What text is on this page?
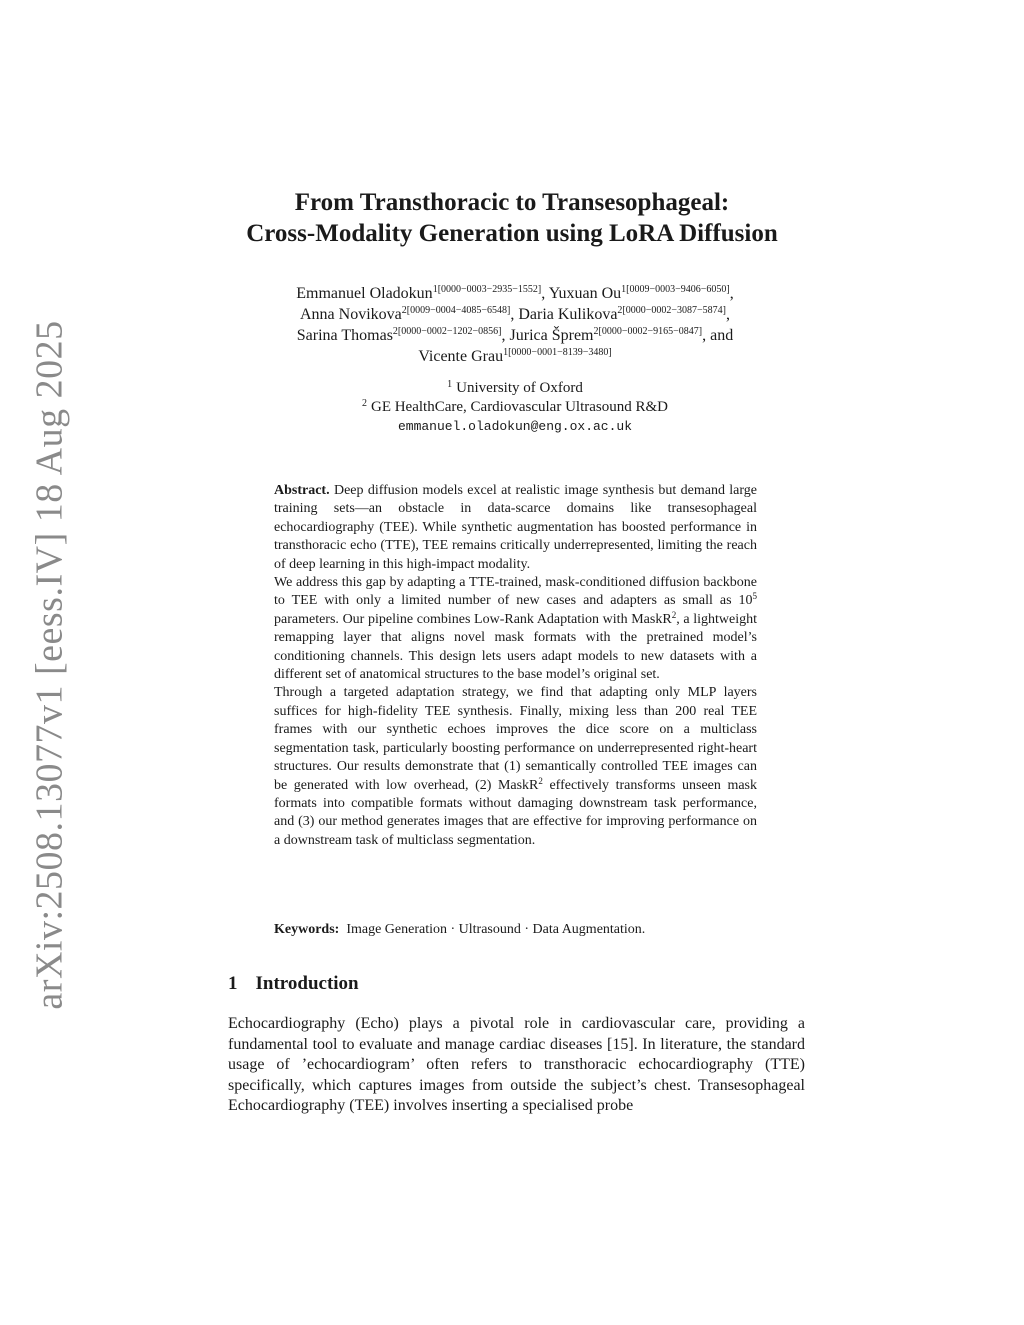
arXiv:2508.13077v1 [eess.IV] 18 Aug 2025
From Transthoracic to Transesophageal:
Cross-Modality Generation using LoRA Diffusion
Emmanuel Oladokun$^{1[0000-0003-2935-1552]}$, Yuxuan $Ou^{1[0009-0003-9406-6050]}$,
Anna Novikova$^{2[0009-0004-4085-6548]}$, Daria Kulikova$^{2[0000-0002-3087-5874]}$,
Sarina Thomas$^{2[0000-0002-1202-0856]}$, Jurica Šprem$^{2[0000-0002-9165-0847]}$, and
Vicente Grau$^{1[0000-0001-8139-3480]}$
$^1$ University of Oxford
$^2$ GE HealthCare, Cardiovascular Ultrasound R&D
emmanuel.oladokun@eng.ox.ac.uk

Abstract. Deep diffusion models excel at realistic image synthesis but demand large training sets—an obstacle in data-scarce domains like transesophageal echocardiography (TEE). While synthetic augmentation has boosted performance in transthoracic echo (TTE), TEE remains critically underrepresented, limiting the reach of deep learning in this high-impact modality.

We address this gap by adapting a TTE-trained, mask-conditioned diffusion backbone to TEE with only a limited number of new cases and adapters as small as $10^5$ parameters. Our pipeline combines Low-Rank Adaptation with MaskR$^2$, a lightweight remapping layer that aligns novel mask formats with the pretrained model’s conditioning channels. This design lets users adapt models to new datasets with a different set of anatomical structures to the base model’s original set.

Through a targeted adaptation strategy, we find that adapting only MLP layers suffices for high-fidelity TEE synthesis. Finally, mixing less than 200 real TEE frames with our synthetic echoes improves the dice score on a multiclass segmentation task, particularly boosting performance on underrepresented right-heart structures. Our results demonstrate that (1) semantically controlled TEE images can be generated with low overhead, (2) MaskR$^2$ effectively transforms unseen mask formats into compatible formats without damaging downstream task performance, and (3) our method generates images that are effective for improving performance on a downstream task of multiclass segmentation.

Keywords: Image Generation · Ultrasound · Data Augmentation.
1 Introduction

Echocardiography (Echo) plays a pivotal role in cardiovascular care, providing a fundamental tool to evaluate and manage cardiac diseases [15]. In literature, the standard usage of ’echocardiogram’ often refers to transthoracic echocardiography (TTE) specifically, which captures images from outside the subject’s chest. Transesophageal Echocardiography (TEE) involves inserting a specialised probe
